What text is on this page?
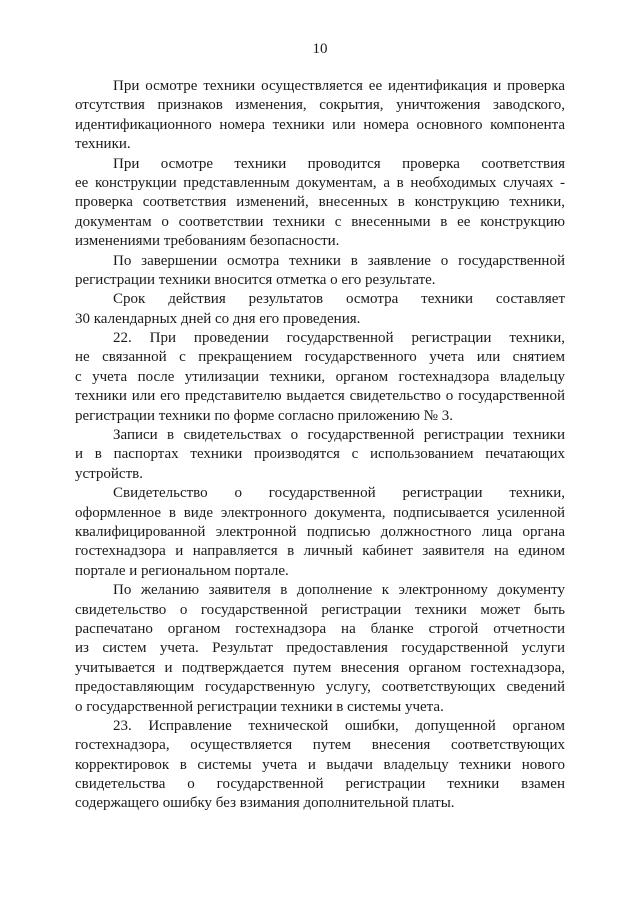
10
При осмотре техники осуществляется ее идентификация и проверка
отсутствия признаков изменения, сокрытия, уничтожения заводского,
идентификационного номера техники или номера основного компонента
техники.
При осмотре техники проводится проверка соответствия
ее конструкции представленным документам, а в необходимых случаях -
проверка соответствия изменений, внесенных в конструкцию техники,
документам о соответствии техники с внесенными в ее конструкцию
изменениями требованиям безопасности.
По завершении осмотра техники в заявление о государственной
регистрации техники вносится отметка о его результате.
Срок действия результатов осмотра техники составляет
30 календарных дней со дня его проведения.
22. При проведении государственной регистрации техники,
не связанной с прекращением государственного учета или снятием
с учета после утилизации техники, органом гостехнадзора владельцу
техники или его представителю выдается свидетельство о государственной
регистрации техники по форме согласно приложению № 3.
Записи в свидетельствах о государственной регистрации техники
и в паспортах техники производятся с использованием печатающих
устройств.
Свидетельство о государственной регистрации техники,
оформленное в виде электронного документа, подписывается усиленной
квалифицированной электронной подписью должностного лица органа
гостехнадзора и направляется в личный кабинет заявителя на едином
портале и региональном портале.
По желанию заявителя в дополнение к электронному документу
свидетельство о государственной регистрации техники может быть
распечатано органом гостехнадзора на бланке строгой отчетности
из систем учета. Результат предоставления государственной услуги
учитывается и подтверждается путем внесения органом гостехнадзора,
предоставляющим государственную услугу, соответствующих сведений
о государственной регистрации техники в системы учета.
23. Исправление технической ошибки, допущенной органом
гостехнадзора, осуществляется путем внесения соответствующих
корректировок в системы учета и выдачи владельцу техники нового
свидетельства о государственной регистрации техники взамен
содержащего ошибку без взимания дополнительной платы.
